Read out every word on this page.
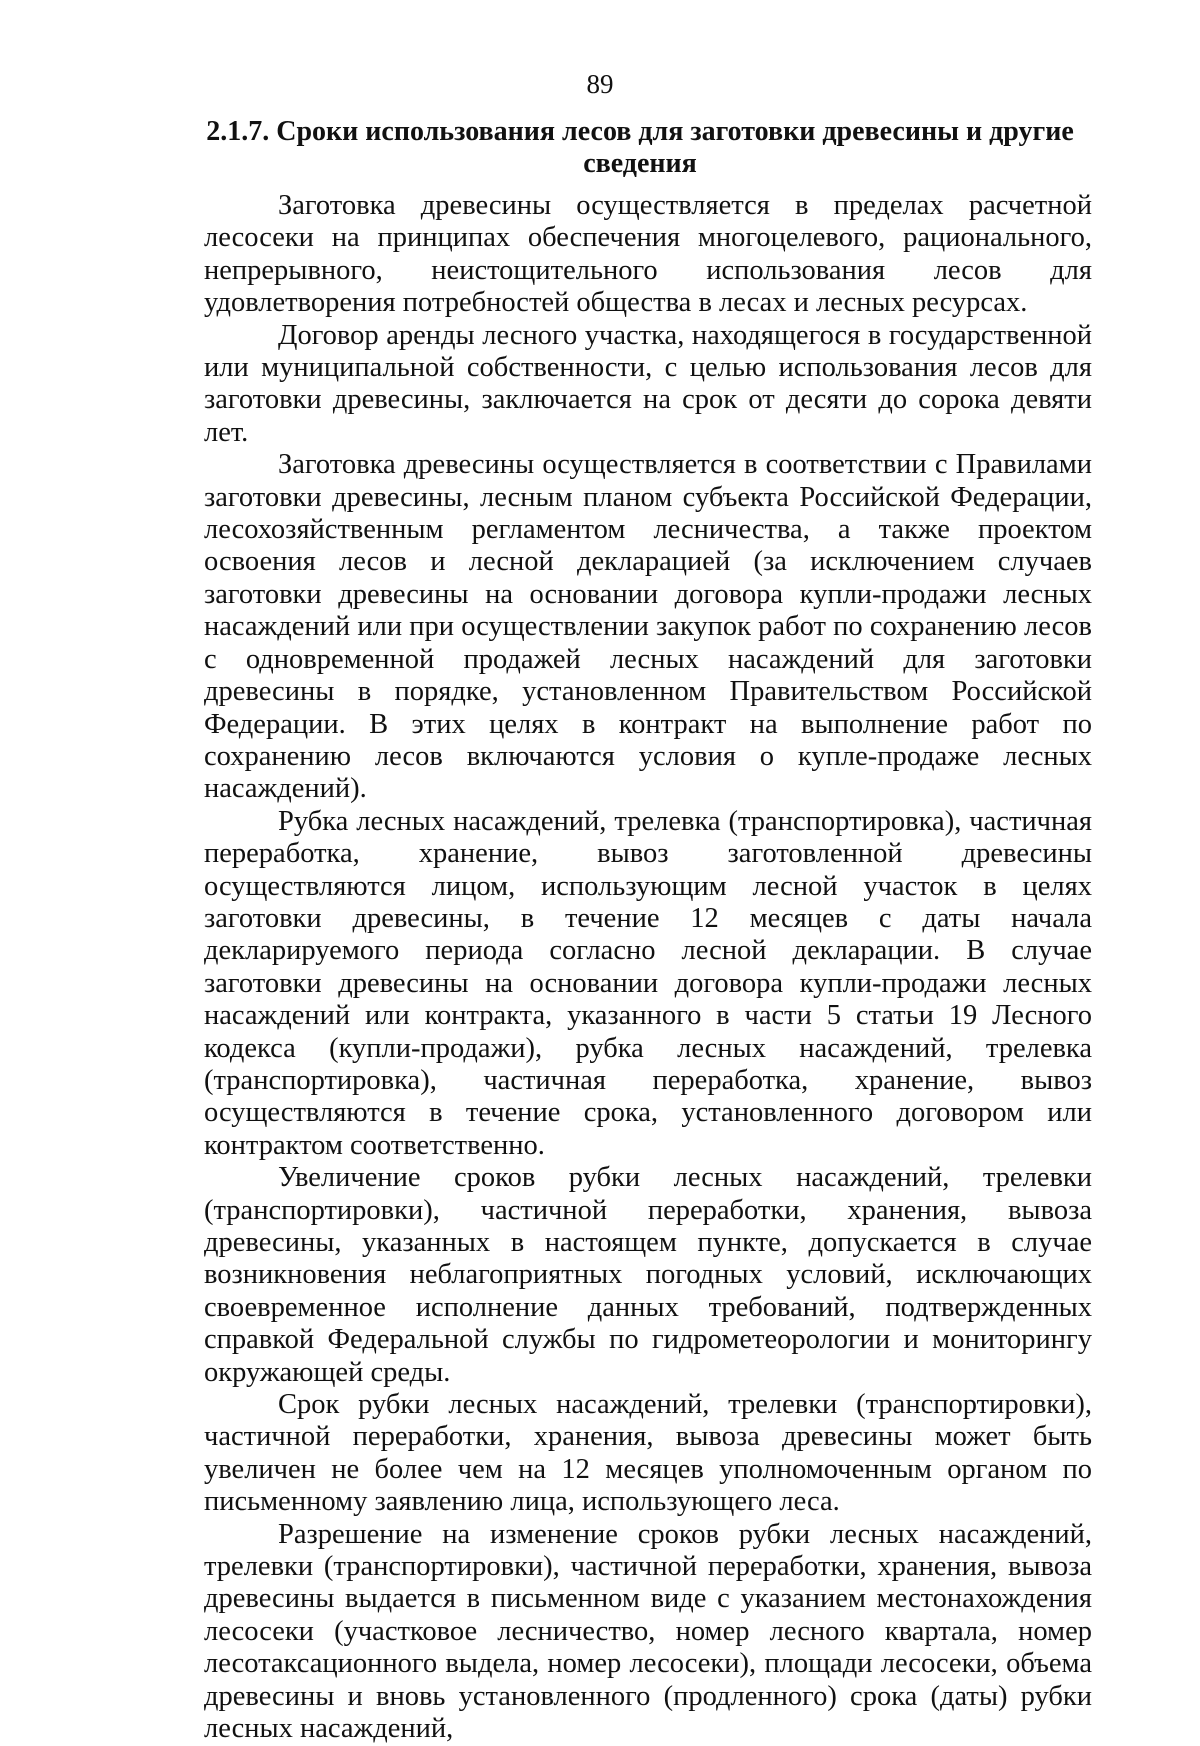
89
2.1.7. Сроки использования лесов для заготовки древесины и другие сведения

Заготовка древесины осуществляется в пределах расчетной лесосеки на принципах обеспечения многоцелевого, рационального, непрерывного, неистощительного использования лесов для удовлетворения потребностей общества в лесах и лесных ресурсах.

Договор аренды лесного участка, находящегося в государственной или муниципальной собственности, с целью использования лесов для заготовки древесины, заключается на срок от десяти до сорока девяти лет.

Заготовка древесины осуществляется в соответствии с Правилами заготовки древесины, лесным планом субъекта Российской Федерации, лесохозяйственным регламентом лесничества, а также проектом освоения лесов и лесной декларацией (за исключением случаев заготовки древесины на основании договора купли-продажи лесных насаждений или при осуществлении закупок работ по сохранению лесов с одновременной продажей лесных насаждений для заготовки древесины в порядке, установленном Правительством Российской Федерации. В этих целях в контракт на выполнение работ по сохранению лесов включаются условия о купле-продаже лесных насаждений).

Рубка лесных насаждений, трелевка (транспортировка), частичная переработка, хранение, вывоз заготовленной древесины осуществляются лицом, использующим лесной участок в целях заготовки древесины, в течение 12 месяцев с даты начала декларируемого периода согласно лесной декларации. В случае заготовки древесины на основании договора купли-продажи лесных насаждений или контракта, указанного в части 5 статьи 19 Лесного кодекса (купли-продажи), рубка лесных насаждений, трелевка (транспортировка), частичная переработка, хранение, вывоз осуществляются в течение срока, установленного договором или контрактом соответственно.

Увеличение сроков рубки лесных насаждений, трелевки (транспортировки), частичной переработки, хранения, вывоза древесины, указанных в настоящем пункте, допускается в случае возникновения неблагоприятных погодных условий, исключающих своевременное исполнение данных требований, подтвержденных справкой Федеральной службы по гидрометеорологии и мониторингу окружающей среды.

Срок рубки лесных насаждений, трелевки (транспортировки), частичной переработки, хранения, вывоза древесины может быть увеличен не более чем на 12 месяцев уполномоченным органом по письменному заявлению лица, использующего леса.

Разрешение на изменение сроков рубки лесных насаждений, трелевки (транспортировки), частичной переработки, хранения, вывоза древесины выдается в письменном виде с указанием местонахождения лесосеки (участковое лесничество, номер лесного квартала, номер лесотаксационного выдела, номер лесосеки), площади лесосеки, объема древесины и вновь установленного (продленного) срока (даты) рубки лесных насаждений,
